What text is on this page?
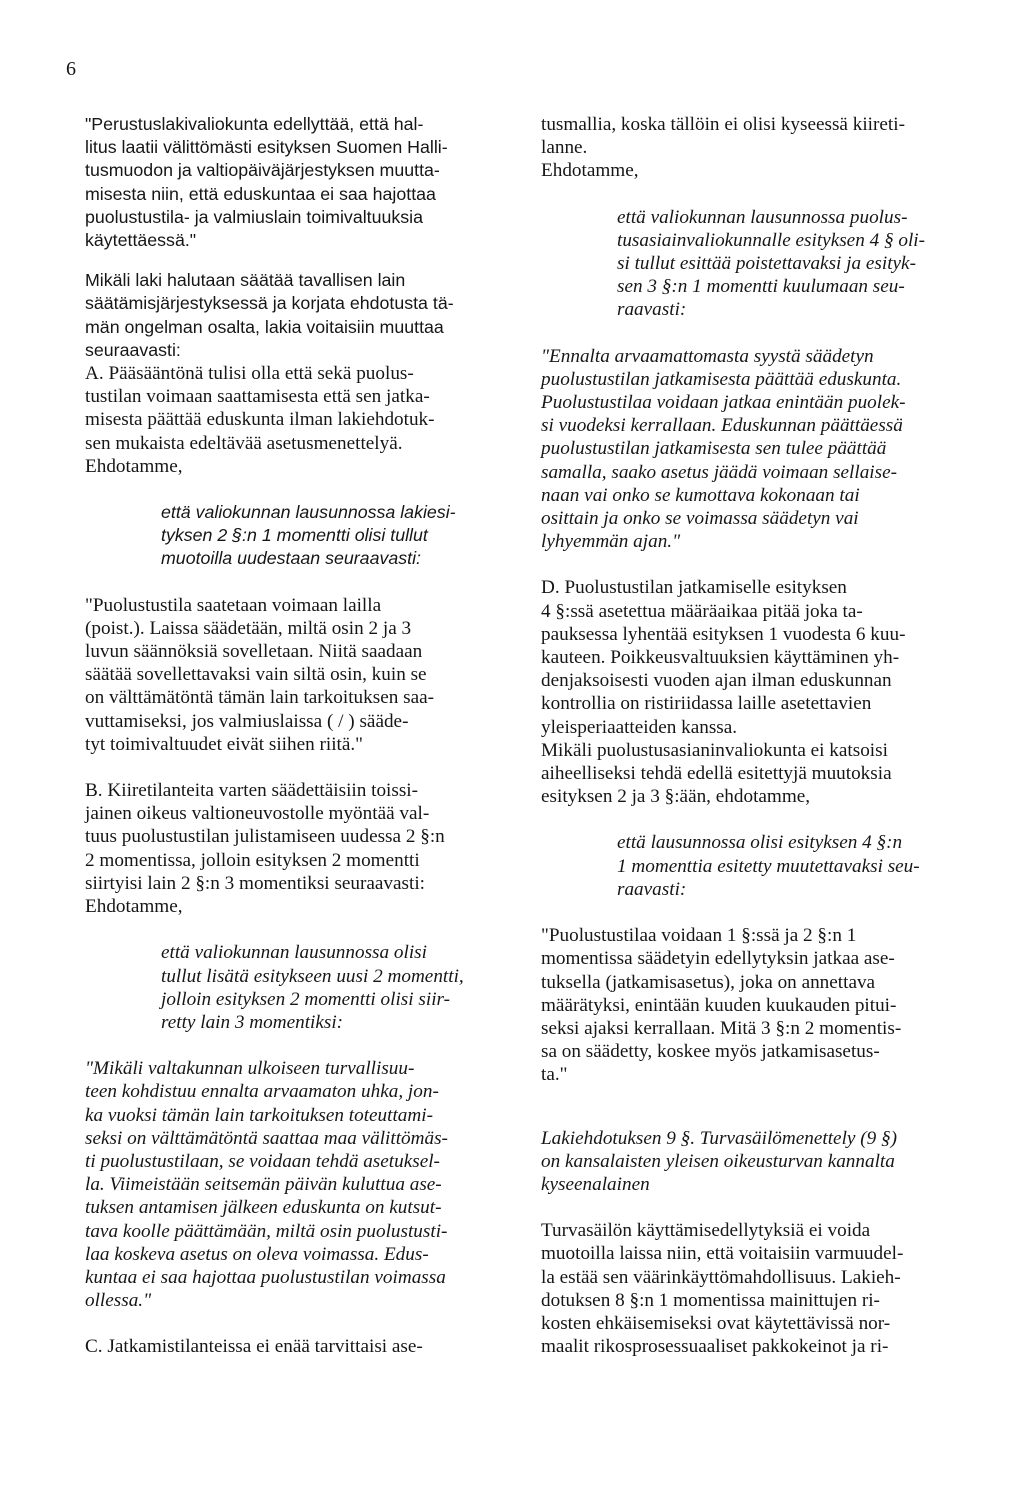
6
"Perustuslakivaliokunta edellyttää, että hal-
litus laatii välittömästi esityksen Suomen Halli-
tusmuodon ja valtiopäiväjärjestyksen muutta-
misesta niin, että eduskuntaa ei saa hajottaa
puolustustila- ja valmiuslain toimivaltuuksia
käytettäessä."
Mikäli laki halutaan säätää tavallisen lain
säätämisjärjestyksessä ja korjata ehdotusta tä-
män ongelman osalta, lakia voitaisiin muuttaa
seuraavasti:
A. Pääsääntönä tulisi olla että sekä puolus-
tustilan voimaan saattamisesta että sen jatka-
misesta päättää eduskunta ilman lakiehdotuk-
sen mukaista edeltävää asetusmenettelyä.
Ehdotamme,
että valiokunnan lausunnossa lakiesi-
tyksen 2 §:n 1 momentti olisi tullut
muotoilla uudestaan seuraavasti:
"Puolustustila saatetaan voimaan lailla
(poist.). Laissa säädetään, miltä osin 2 ja 3
luvun säännöksiä sovelletaan. Niitä saadaan
säätää sovellettavaksi vain siltä osin, kuin se
on välttämätöntä tämän lain tarkoituksen saa-
vuttamiseksi, jos valmiuslaissa ( / ) sääde-
tyt toimivaltuudet eivät siihen riitä."
B. Kiiretilanteita varten säädettäisiin toissi-
jainen oikeus valtioneuvostolle myöntää val-
tuus puolustustilan julistamiseen uudessa 2 §:n
2 momentissa, jolloin esityksen 2 momentti
siirtyisi lain 2 §:n 3 momentiksi seuraavasti:
Ehdotamme,
että valiokunnan lausunnossa olisi
tullut lisätä esitykseen uusi 2 momentti,
jolloin esityksen 2 momentti olisi siir-
retty lain 3 momentiksi:
"Mikäli valtakunnan ulkoiseen turvallisuu-
teen kohdistuu ennalta arvaamaton uhka, jon-
ka vuoksi tämän lain tarkoituksen toteuttami-
seksi on välttämätöntä saattaa maa välittömäs-
ti puolustustilaan, se voidaan tehdä asetuksel-
la. Viimeistään seitsemän päivän kuluttua ase-
tuksen antamisen jälkeen eduskunta on kutsut-
tava koolle päättämään, miltä osin puolustusti-
laa koskeva asetus on oleva voimassa. Edus-
kuntaa ei saa hajottaa puolustustilan voimassa
ollessa."
C. Jatkamistilanteissa ei enää tarvittaisi ase-
tusmallia, koska tällöin ei olisi kyseessä kiireti-
lanne.
Ehdotamme,
että valiokunnan lausunnossa puolus-
tusasiainvaliokunnalle esityksen 4 § oli-
si tullut esittää poistettavaksi ja esityk-
sen 3 §:n 1 momentti kuulumaan seu-
raavasti:
"Ennalta arvaamattomasta syystä säädetyn
puolustustilan jatkamisesta päättää eduskunta.
Puolustustilaa voidaan jatkaa enintään puolek-
si vuodeksi kerrallaan. Eduskunnan päättäessä
puolustustilan jatkamisesta sen tulee päättää
samalla, saako asetus jäädä voimaan sellaise-
naan vai onko se kumottava kokonaan tai
osittain ja onko se voimassa säädetyn vai
lyhyemmän ajan."
D. Puolustustilan jatkamiselle esityksen
4 §:ssä asetettua määräaikaa pitää joka ta-
pauksessa lyhentää esityksen 1 vuodesta 6 kuu-
kauteen. Poikkeusvaltuuksien käyttäminen yh-
denjaksoisesti vuoden ajan ilman eduskunnan
kontrollia on ristiriidassa laille asetettavien
yleisperiaatteiden kanssa.
Mikäli puolustusasianinvaliokunta ei katsoisi
aiheelliseksi tehdä edellä esitettyjä muutoksia
esityksen 2 ja 3 §:ään, ehdotamme,
että lausunnossa olisi esityksen 4 §:n
1 momenttia esitetty muutettavaksi seu-
raavasti:
"Puolustustilaa voidaan 1 §:ssä ja 2 §:n 1
momentissa säädetyin edellytyksin jatkaa ase-
tuksella (jatkamisasetus), joka on annettava
määrätyksi, enintään kuuden kuukauden pitui-
seksi ajaksi kerrallaan. Mitä 3 §:n 2 momentis-
sa on säädetty, koskee myös jatkamisasetus-
ta."
Lakiehdotuksen 9 §. Turvasäilömenettely (9 §)
on kansalaisten yleisen oikeusturvan kannalta
kyseenalainen
Turvasäilön käyttämisedellytyksiä ei voida
muotoilla laissa niin, että voitaisiin varmuudel-
la estää sen väärinkäyttömahdollisuus. Lakieh-
dotuksen 8 §:n 1 momentissa mainittujen ri-
kosten ehkäisemiseksi ovat käytettävissä nor-
maalit rikosprosessuaaliset pakkokeinot ja ri-
